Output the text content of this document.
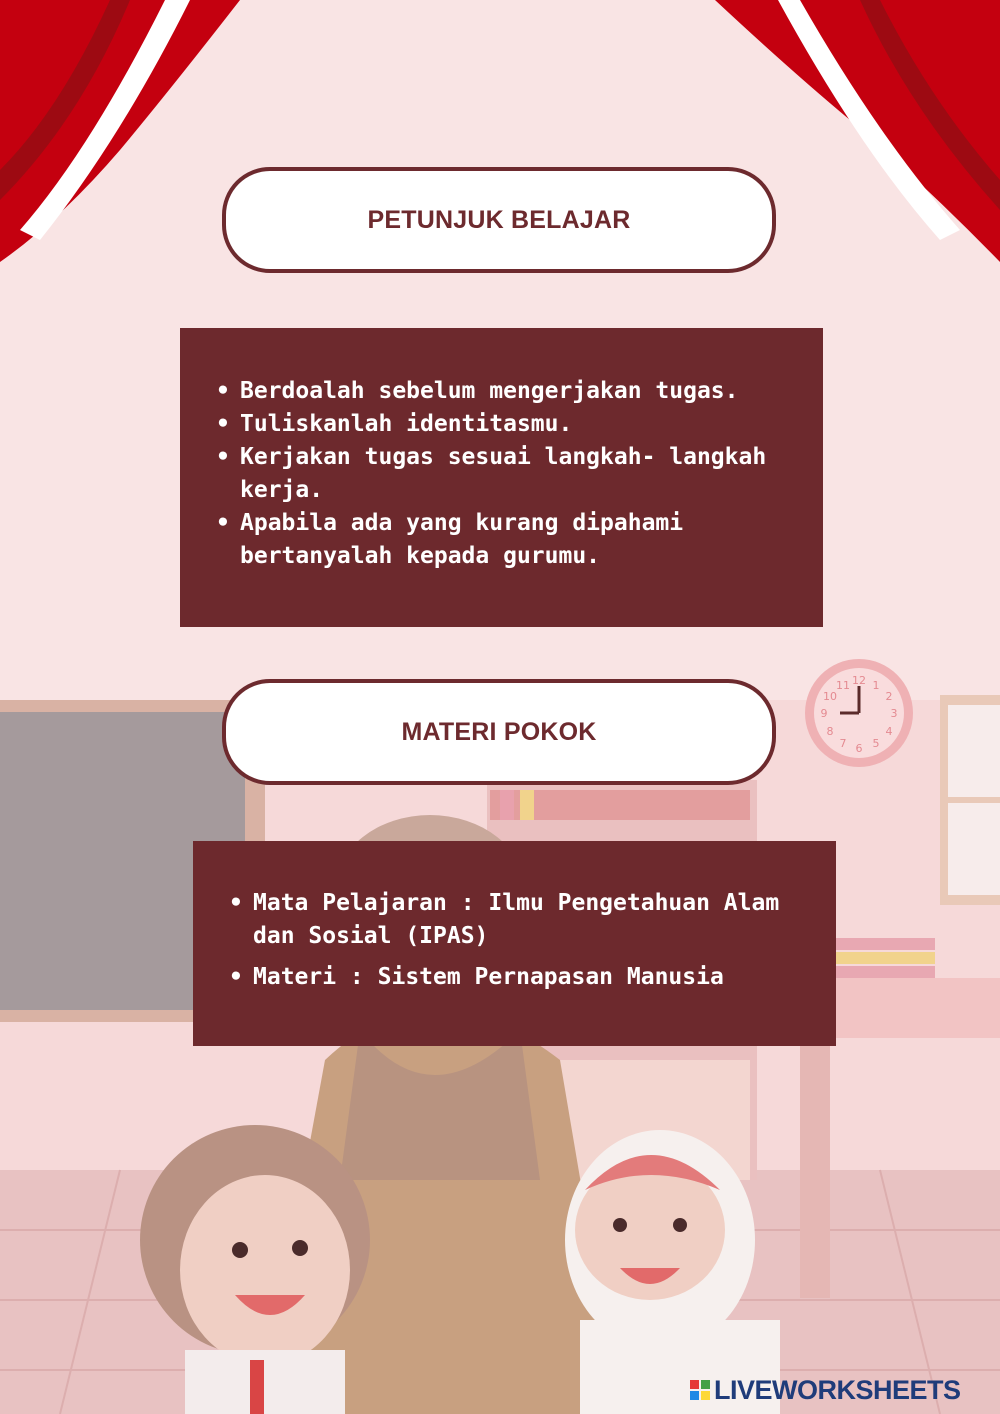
12 1
2
3
4
5
6
7
8
9
10
11
PETUNJUK BELAJAR
• Berdoalah sebelum mengerjakan tugas.
• Tuliskanlah identitasmu.
• Kerjakan tugas sesuai langkah- langkah kerja.
• Apabila ada yang kurang dipahami bertanyalah kepada gurumu.
MATERI POKOK
• Mata Pelajaran : Ilmu Pengetahuan Alam dan Sosial (IPAS)
• Materi : Sistem Pernapasan Manusia
LIVEWORKSHEETS
